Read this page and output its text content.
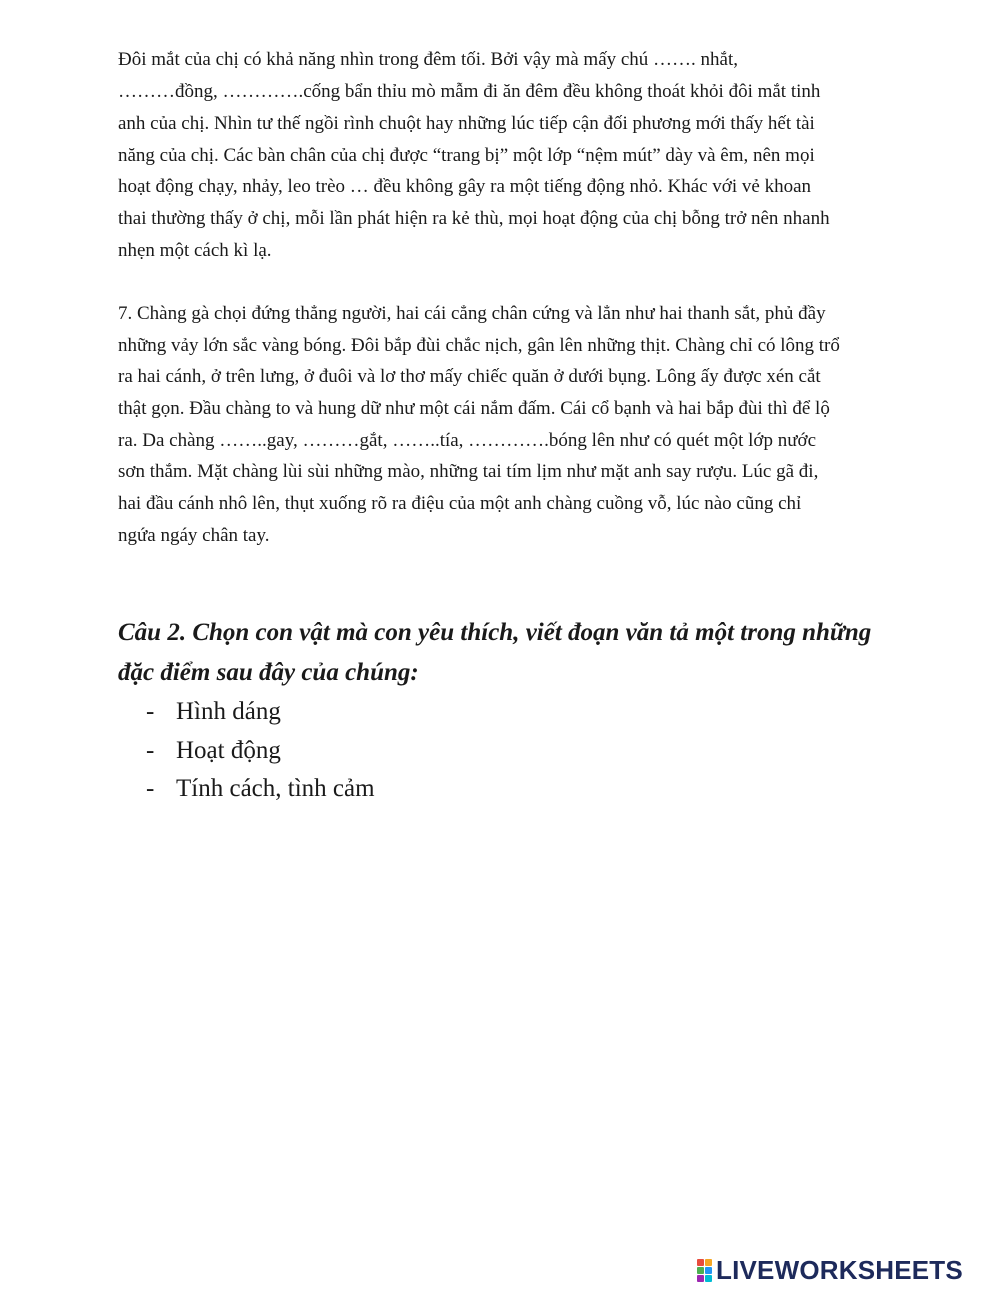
Đôi mắt của chị có khả năng nhìn trong đêm tối. Bởi vậy mà mấy chú ……. nhắt,
………đồng, ………….cống bẩn thỉu mò mẫm đi ăn đêm đều không thoát khỏi đôi mắt tinh
anh của chị. Nhìn tư thế ngồi rình chuột hay những lúc tiếp cận đối phương mới thấy hết tài
năng của chị. Các bàn chân của chị được “trang bị” một lớp “nệm mút” dày và êm, nên mọi
hoạt động chạy, nhảy, leo trèo … đều không gây ra một tiếng động nhỏ. Khác với vẻ khoan
thai thường thấy ở chị, mỗi lần phát hiện ra kẻ thù, mọi hoạt động của chị bỗng trở nên nhanh
nhẹn một cách kì lạ.
7. Chàng gà chọi đứng thẳng người, hai cái cẳng chân cứng và lẳn như hai thanh sắt, phủ đầy
những vảy lớn sắc vàng bóng. Đôi bắp đùi chắc nịch, gân lên những thịt. Chàng chỉ có lông trổ
ra hai cánh, ở trên lưng, ở đuôi và lơ thơ mấy chiếc quăn ở dưới bụng. Lông ấy được xén cắt
thật gọn. Đầu chàng to và hung dữ như một cái nắm đấm. Cái cổ bạnh và hai bắp đùi thì để lộ
ra. Da chàng ……..gay, ………gắt, ……..tía, ………….bóng lên như có quét một lớp nước
sơn thắm. Mặt chàng lùi sùi những mào, những tai tím lịm như mặt anh say rượu. Lúc gã đi,
hai đầu cánh nhô lên, thụt xuống rõ ra điệu của một anh chàng cuồng vỗ, lúc nào cũng chỉ
ngứa ngáy chân tay.
Câu 2. Chọn con vật mà con yêu thích, viết đoạn văn tả một trong những
đặc điểm sau đây của chúng:
- Hình dáng
- Hoạt động
- Tính cách, tình cảm
LIVEWORKSHEETS
